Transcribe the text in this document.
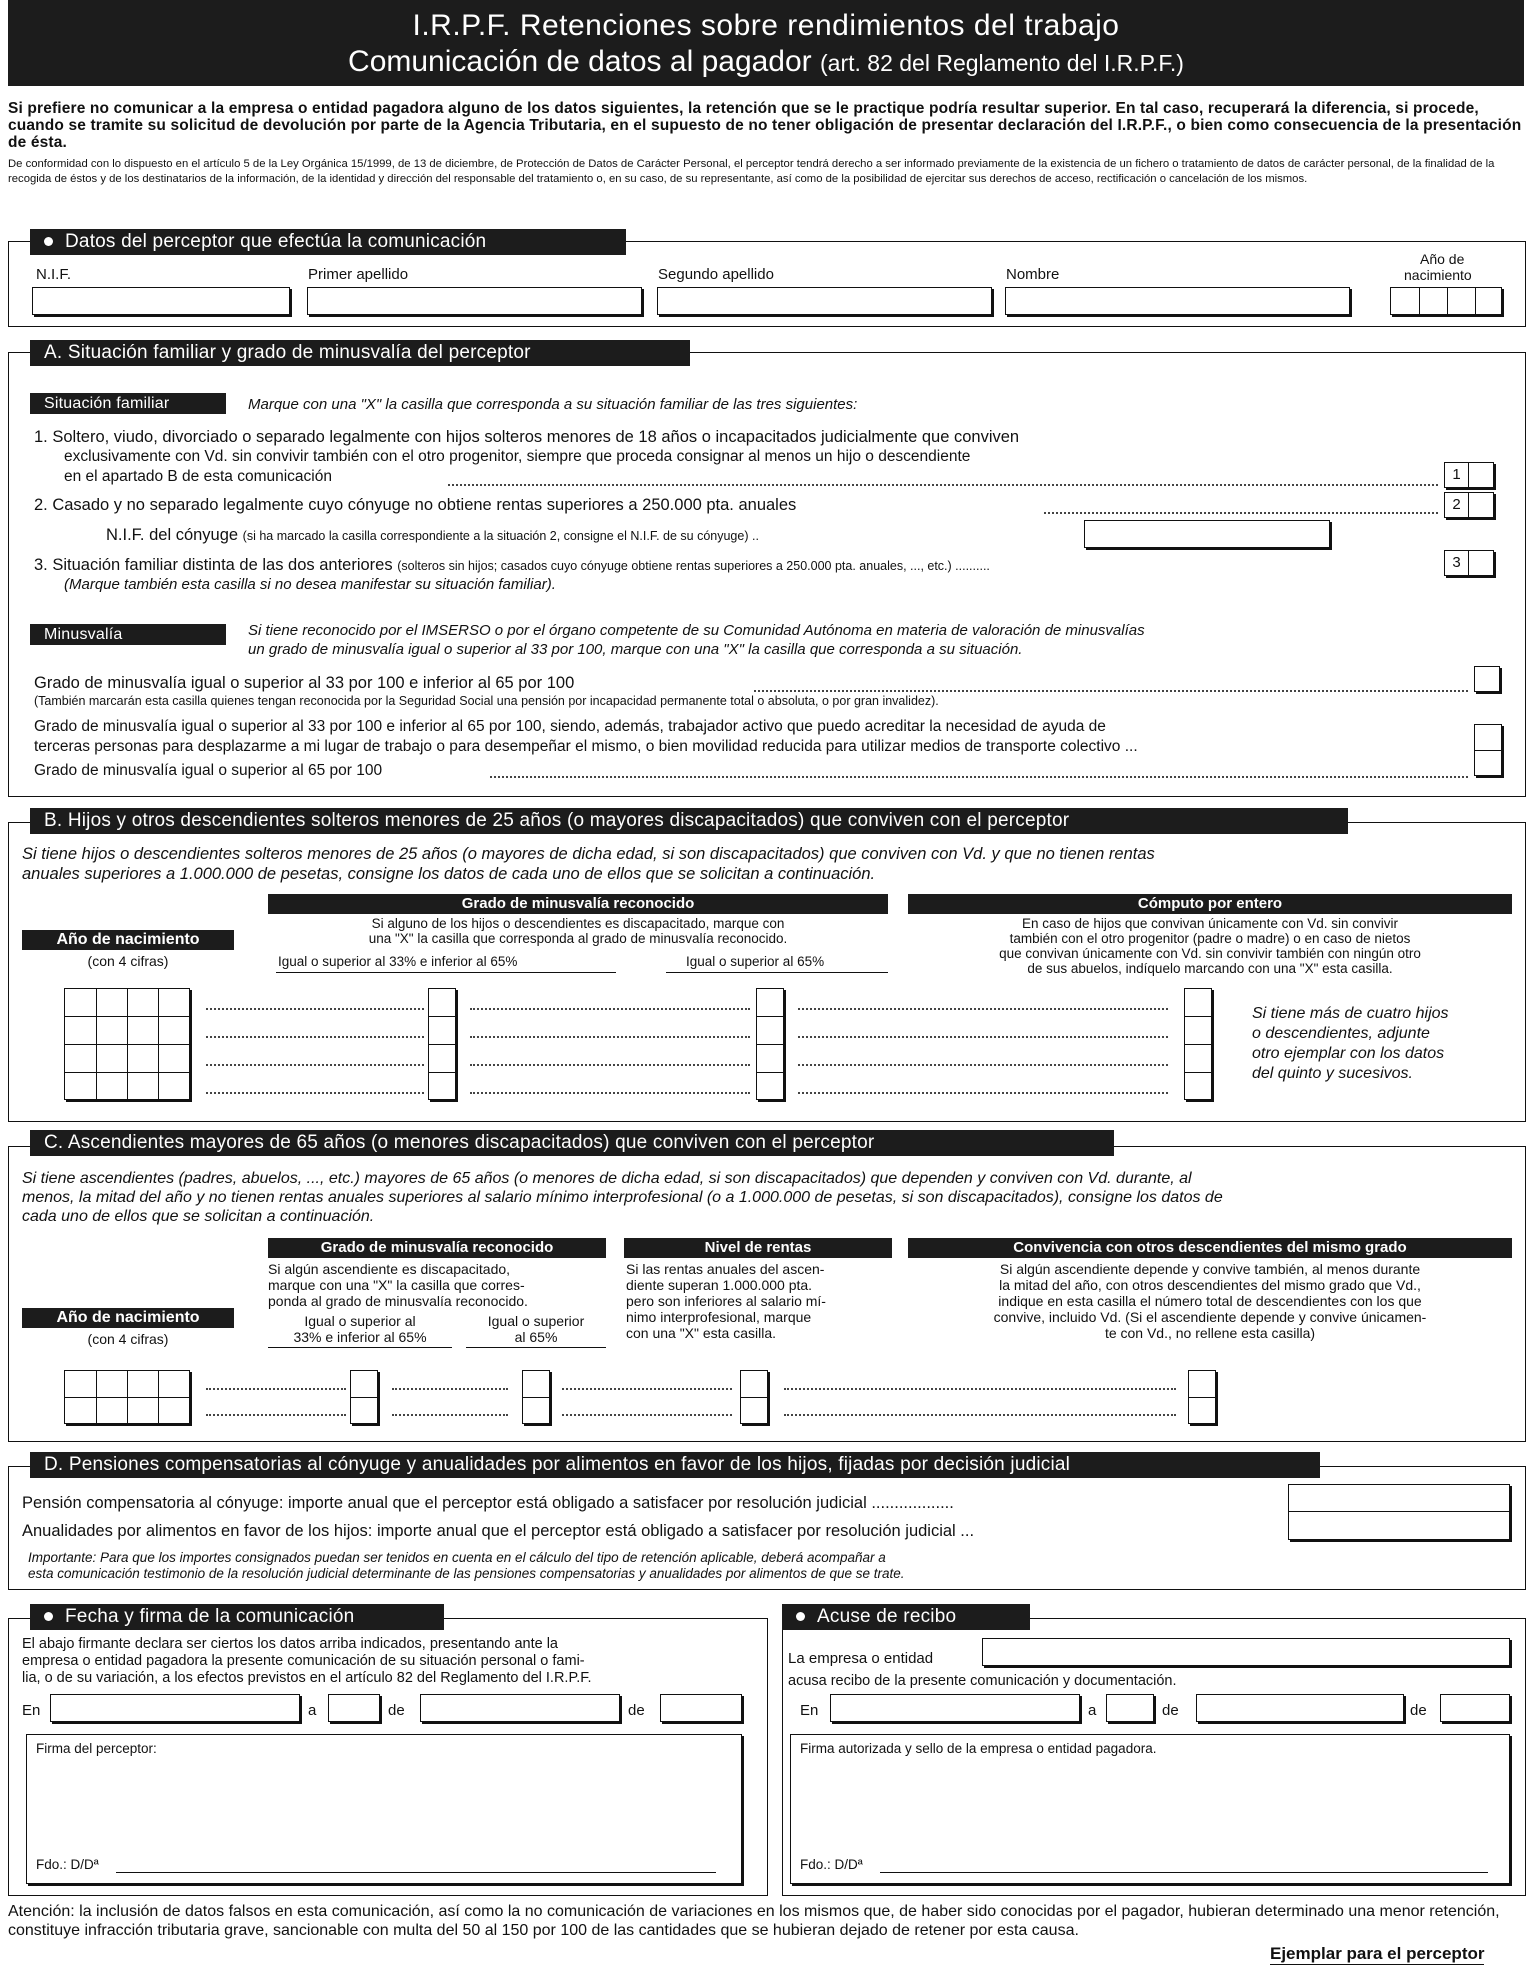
I.R.P.F. Retenciones sobre rendimientos del trabajo
Comunicación de datos al pagador (art. 82 del Reglamento del I.R.P.F.)
Si prefiere no comunicar a la empresa o entidad pagadora alguno de los datos siguientes, la retención que se le practique podría resultar superior. En tal caso, recuperará la diferencia, si procede, cuando se tramite su solicitud de devolución por parte de la Agencia Tributaria, en el supuesto de no tener obligación de presentar declaración del I.R.P.F., o bien como consecuencia de la presentación de ésta.
De conformidad con lo dispuesto en el artículo 5 de la Ley Orgánica 15/1999, de 13 de diciembre, de Protección de Datos de Carácter Personal, el perceptor tendrá derecho a ser informado previamente de la existencia de un fichero o tratamiento de datos de carácter personal, de la finalidad de la recogida de éstos y de los destinatarios de la información, de la identidad y dirección del responsable del tratamiento o, en su caso, de su representante, así como de la posibilidad de ejercitar sus derechos de acceso, rectificación o cancelación de los mismos.
Datos del perceptor que efectúa la comunicación
N.I.F.	Primer apellido	Segundo apellido	Nombre
Año de
nacimiento
A. Situación familiar y grado de minusvalía del perceptor
Situación familiar	Marque con una "X" la casilla que corresponda a su situación familiar de las tres siguientes:
1. Soltero, viudo, divorciado o separado legalmente con hijos solteros menores de 18 años o incapacitados judicialmente que conviven
exclusivamente con Vd. sin convivir también con el otro progenitor, siempre que proceda consignar al menos un hijo o descendiente
en el apartado B de esta comunicación	1
2. Casado y no separado legalmente cuyo cónyuge no obtiene rentas superiores a 250.000 pta. anuales	2
N.I.F. del cónyuge (si ha marcado la casilla correspondiente a la situación 2, consigne el N.I.F. de su cónyuge) ..
3. Situación familiar distinta de las dos anteriores (solteros sin hijos; casados cuyo cónyuge obtiene rentas superiores a 250.000 pta. anuales, ..., etc.) ..........
(Marque también esta casilla si no desea manifestar su situación familiar).
3
Minusvalía	Si tiene reconocido por el IMSERSO o por el órgano competente de su Comunidad Autónoma en materia de valoración de minusvalías
un grado de minusvalía igual o superior al 33 por 100, marque con una "X" la casilla que corresponda a su situación.
Grado de minusvalía igual o superior al 33 por 100 e inferior al 65 por 100
(También marcarán esta casilla quienes tengan reconocida por la Seguridad Social una pensión por incapacidad permanente total o absoluta, o por gran invalidez).
Grado de minusvalía igual o superior al 33 por 100 e inferior al 65 por 100, siendo, además, trabajador activo que puedo acreditar la necesidad de ayuda de
terceras personas para desplazarme a mi lugar de trabajo o para desempeñar el mismo, o bien movilidad reducida para utilizar medios de transporte colectivo ...
Grado de minusvalía igual o superior al 65 por 100
B. Hijos y otros descendientes solteros menores de 25 años (o mayores discapacitados) que conviven con el perceptor
Si tiene hijos o descendientes solteros menores de 25 años (o mayores de dicha edad, si son discapacitados) que conviven con Vd. y que no tienen rentas
anuales superiores a 1.000.000 de pesetas, consigne los datos de cada uno de ellos que se solicitan a continuación.
Grado de minusvalía reconocido
Si alguno de los hijos o descendientes es discapacitado, marque con
una "X" la casilla que corresponda al grado de minusvalía reconocido.
Igual o superior al 33% e inferior al 65%	Igual o superior al 65%
Cómputo por entero
En caso de hijos que convivan únicamente con Vd. sin convivir
también con el otro progenitor (padre o madre) o en caso de nietos
que convivan únicamente con Vd. sin convivir también con ningún otro
de sus abuelos, indíquelo marcando con una "X" esta casilla.
Año de nacimiento
(con 4 cifras)
Si tiene más de cuatro hijos
o descendientes, adjunte
otro ejemplar con los datos
del quinto y sucesivos.
C. Ascendientes mayores de 65 años (o menores discapacitados) que conviven con el perceptor
Si tiene ascendientes (padres, abuelos, ..., etc.) mayores de 65 años (o menores de dicha edad, si son discapacitados) que dependen y conviven con Vd. durante, al
menos, la mitad del año y no tienen rentas anuales superiores al salario mínimo interprofesional (o a 1.000.000 de pesetas, si son discapacitados), consigne los datos de
cada uno de ellos que se solicitan a continuación.
Grado de minusvalía reconocido
Si algún ascendiente es discapacitado,
marque con una "X" la casilla que corres-
ponda al grado de minusvalía reconocido.
Igual o superior al
33% e inferior al 65%
Igual o superior
al 65%
Nivel de rentas
Si las rentas anuales del ascen-
diente superan 1.000.000 pta.
pero son inferiores al salario mí-
nimo interprofesional, marque
con una "X" esta casilla.
Convivencia con otros descendientes del mismo grado
Si algún ascendiente depende y convive también, al menos durante
la mitad del año, con otros descendientes del mismo grado que Vd.,
indique en esta casilla el número total de descendientes con los que
convive, incluido Vd. (Si el ascendiente depende y convive únicamen-
te con Vd., no rellene esta casilla)
Año de nacimiento
(con 4 cifras)
D. Pensiones compensatorias al cónyuge y anualidades por alimentos en favor de los hijos, fijadas por decisión judicial
Pensión compensatoria al cónyuge: importe anual que el perceptor está obligado a satisfacer por resolución judicial ..................
Anualidades por alimentos en favor de los hijos: importe anual que el perceptor está obligado a satisfacer por resolución judicial ...
Importante: Para que los importes consignados puedan ser tenidos en cuenta en el cálculo del tipo de retención aplicable, deberá acompañar a
esta comunicación testimonio de la resolución judicial determinante de las pensiones compensatorias y anualidades por alimentos de que se trate.
Fecha y firma de la comunicación
El abajo firmante declara ser ciertos los datos arriba indicados, presentando ante la
empresa o entidad pagadora la presente comunicación de su situación personal o fami-
lia, o de su variación, a los efectos previstos en el artículo 82 del Reglamento del I.R.P.F.
En	a	de	de
Firma del perceptor:
Fdo.: D/Dª
Acuse de recibo
La empresa o entidad
acusa recibo de la presente comunicación y documentación.
En	a	de	de
Firma autorizada y sello de la empresa o entidad pagadora.
Fdo.: D/Dª
Atención: la inclusión de datos falsos en esta comunicación, así como la no comunicación de variaciones en los mismos que, de haber sido conocidas por el pagador, hubieran determinado una menor retención, constituye infracción tributaria grave, sancionable con multa del 50 al 150 por 100 de las cantidades que se hubieran dejado de retener por esta causa.
Ejemplar para el perceptor
